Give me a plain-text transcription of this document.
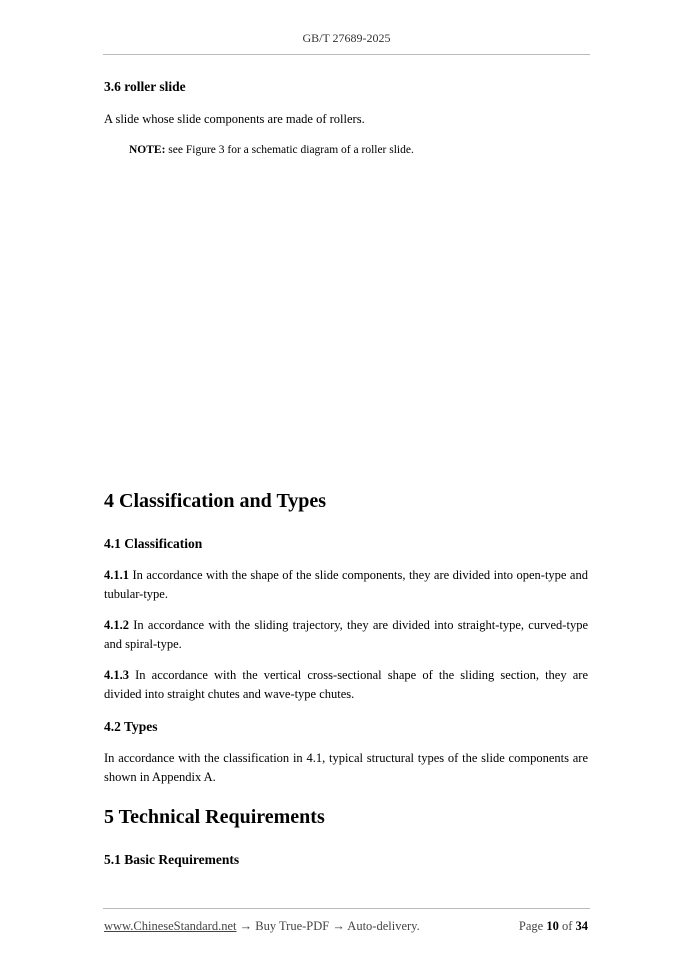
GB/T 27689-2025
3.6 roller slide
A slide whose slide components are made of rollers.
NOTE: see Figure 3 for a schematic diagram of a roller slide.
4 Classification and Types
4.1 Classification
4.1.1 In accordance with the shape of the slide components, they are divided into open-type and tubular-type.
4.1.2 In accordance with the sliding trajectory, they are divided into straight-type, curved-type and spiral-type.
4.1.3 In accordance with the vertical cross-sectional shape of the sliding section, they are divided into straight chutes and wave-type chutes.
4.2 Types
In accordance with the classification in 4.1, typical structural types of the slide components are shown in Appendix A.
5 Technical Requirements
5.1 Basic Requirements
www.ChineseStandard.net → Buy True-PDF → Auto-delivery.	Page 10 of 34
